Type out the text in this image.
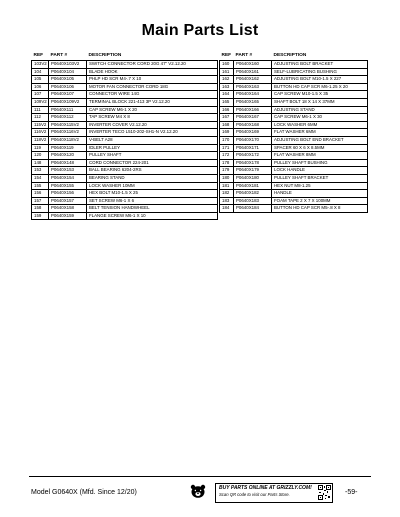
Main Parts List
REF	PART #	DESCRIPTION
103V2	P0640X103V2	SWITCH CONNECTOR CORD 20G 47" V2.12.20
104	P0640X104	BLADE HOOK
105	P0640X105	PHLP HD SCR M4-.7 X 10
106	P0640X106	MOTOR FAN CONNECTOR CORD 18G
107	P0640X107	CONNECTOR WIRE 14G
109V2	P0640X109V2	TERMINAL BLOCK 221-413 3P V2.12.20
111	P0640X111	CAP SCREW M6-1 X 20
112	P0640X112	TAP SCREW M4 X 8
115V2	P0640X115V2	INVERTER COVER V2.12.20
116V2	P0640X116V2	INVERTER TECO L510-202-SH1-N V2.12.20
118V2	P0640X118V2	V-BELT A28
119	P0640X119	IDLER PULLEY
120	P0640X120	PULLEY SHAFT
148	P0640X148	CORD CONNECTOR 224-201
153	P0640X153	BALL BEARING 6204-2RS
154	P0640X154	BEARING STAND
155	P0640X155	LOCK WASHER 10MM
156	P0640X156	HEX BOLT M10-1.5 X 25
157	P0640X157	SET SCREW M6-1 X 6
158	P0640X158	BELT TENSION HANDWHEEL
159	P0640X159	FLANGE SCREW M6-1 X 10
REF	PART #	DESCRIPTION
160	P0640X160	ADJUSTING BOLT BRACKET
161	P0640X161	SELF-LUBRICATING BUSHING
162	P0640X162	ADJUSTING BOLT M10-1.5 X 227
163	P0640X163	BUTTON HD CAP SCR M6-1.25 X 20
164	P0640X164	CAP SCREW M10-1.5 X 35
165	P0640X165	SHAFT BOLT 18 X 14 X 37MM
166	P0640X166	ADJUSTING STAND
167	P0640X167	CAP SCREW M6-1 X 30
168	P0640X168	LOCK WASHER 6MM
169	P0640X169	FLAT WASHER 6MM
170	P0640X170	ADJUSTING BOLT END BRACKET
171	P0640X171	SPACER 60 X 6 X 8.5MM
172	P0640X172	FLAT WASHER 8MM
178	P0640X178	PULLEY SHAFT BUSHING
179	P0640X179	LOCK HANDLE
180	P0640X180	PULLEY SHAFT BRACKET
181	P0640X181	HEX NUT M8-1.25
182	P0640X182	HANDLE
183	P0640X183	FOAM TAPE 2 X 7 X 100MM
184	P0640X184	BUTTON HD CAP SCR M5-.8 X 8
Model G0640X (Mfd. Since 12/20)
BUY PARTS ONLINE AT GRIZZLY.COM!
Scan QR code to visit our Parts Store.	-59-
